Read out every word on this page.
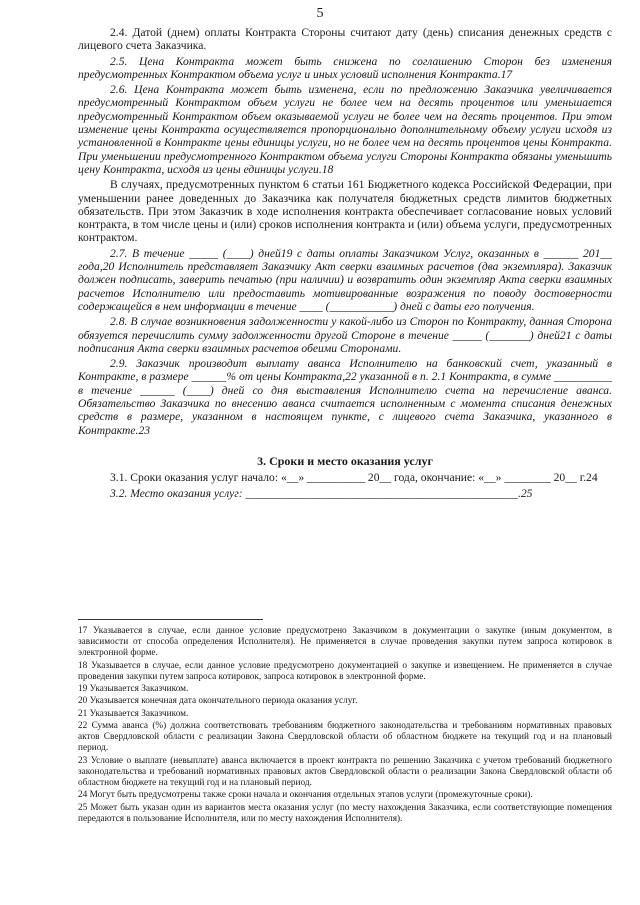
5

2.4. Датой (днем) оплаты Контракта Стороны считают дату (день) списания денежных средств с лицевого счета Заказчика.

2.5. Цена Контракта может быть снижена по соглашению Сторон без изменения предусмотренных Контрактом объема услуг и иных условий исполнения Контракта.17

2.6. Цена Контракта может быть изменена, если по предложению Заказчика увеличивается предусмотренный Контрактом объем услуги не более чем на десять процентов или уменьшается предусмотренный Контрактом объем оказываемой услуги не более чем на десять процентов. При этом изменение цены Контракта осуществляется пропорционально дополнительному объему услуги исходя из установленной в Контракте цены единицы услуги, но не более чем на десять процентов цены Контракта. При уменьшении предусмотренного Контрактом объема услуги Стороны Контракта обязаны уменьшить цену Контракта, исходя из цены единицы услуги.18

В случаях, предусмотренных пунктом 6 статьи 161 Бюджетного кодекса Российской Федерации, при уменьшении ранее доведенных до Заказчика как получателя бюджетных средств лимитов бюджетных обязательств. При этом Заказчик в ходе исполнения контракта обеспечивает согласование новых условий контракта, в том числе цены и (или) сроков исполнения контракта и (или) объема услуги, предусмотренных контрактом.

2.7. В течение _____ (____) дней19 с даты оплаты Заказчиком Услуг, оказанных в ______ 201__ года,20 Исполнитель представляет Заказчику Акт сверки взаимных расчетов (два экземпляра). Заказчик должен подписать, заверить печатью (при наличии) и возвратить один экземпляр Акта сверки взаимных расчетов Исполнителю или предоставить мотивированные возражения по поводу достоверности содержащейся в нем информации в течение ____ (___________) дней с даты его получения.

2.8. В случае возникновения задолженности у какой-либо из Сторон по Контракту, данная Сторона обязуется перечислить сумму задолженности другой Стороне в течение _____ (_______) дней21 с даты подписания Акта сверки взаимных расчетов обеими Сторонами.

2.9. Заказчик производит выплату аванса Исполнителю на банковский счет, указанный в Контракте, в размере ______% от цены Контракта,22 указанной в п. 2.1 Контракта, в сумме __________ в течение ______ (____) дней со дня выставления Исполнителю счета на перечисление аванса. Обязательство Заказчика по внесению аванса считается исполненным с момента списания денежных средств в размере, указанном в настоящем пункте, с лицевого счета Заказчика, указанного в Контракте.23

3. Сроки и место оказания услуг

3.1. Сроки оказания услуг начало: «__» __________ 20__ года, окончание: «__» ________ 20__ г.24

3.2. Место оказания услуг: _______________________________________________.25

17 Указывается в случае, если данное условие предусмотрено Заказчиком в документации о закупке (иным документом, в зависимости от способа определения Исполнителя). Не применяется в случае проведения закупки путем запроса котировок в электронной форме.

18 Указывается в случае, если данное условие предусмотрено документацией о закупке и извещением. Не применяется в случае проведения закупки путем запроса котировок, запроса котировок в электронной форме.

19 Указывается Заказчиком.

20 Указывается конечная дата окончательного периода оказания услуг.

21 Указывается Заказчиком.

22 Сумма аванса (%) должна соответствовать требованиям бюджетного законодательства и требованиям нормативных правовых актов Свердловской области с реализации Закона Свердловской области об областном бюджете на текущий год и на плановый период.

23 Условие о выплате (невыплате) аванса включается в проект контракта по решению Заказчика с учетом требований бюджетного законодательства и требований нормативных правовых актов Свердловской области о реализации Закона Свердловской области об областном бюджете на текущий год и на плановый период.

24 Могут быть предусмотрены также сроки начала и окончания отдельных этапов услуги (промежуточные сроки).

25 Может быть указан один из вариантов места оказания услуг (по месту нахождения Заказчика, если соответствующие помещения передаются в пользование Исполнителя, или по месту нахождения Исполнителя).
